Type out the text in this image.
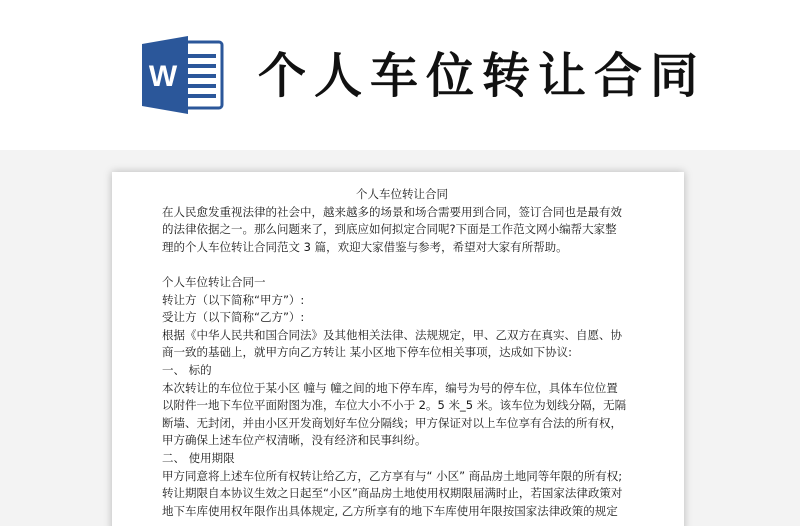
W 个人车位转让合同

个人车位转让合同

在人民愈发重视法律的社会中，越来越多的场景和场合需要用到合同，签订合同也是最有效

的法律依据之一。那么问题来了，到底应如何拟定合同呢?下面是工作范文网小编帮大家整

理的个人车位转让合同范文 3 篇，欢迎大家借鉴与参考，希望对大家有所帮助。

个人车位转让合同一

转让方（以下简称“甲方”）:

受让方（以下简称“乙方”）:

根据《中华人民共和国合同法》及其他相关法律、法规规定，甲、乙双方在真实、自愿、协

商一致的基础上，就甲方向乙方转让 某小区地下停车位相关事项，达成如下协议:

一、 标的

本次转让的车位位于某小区 幢与 幢之间的地下停车库，编号为号的停车位，具体车位位置

以附件一地下车位平面附图为准，车位大小不小于 2。5 米_5 米。该车位为划线分隔，无隔

断墙、无封闭，并由小区开发商划好车位分隔线；甲方保证对以上车位享有合法的所有权，

甲方确保上述车位产权清晰，没有经济和民事纠纷。

二、 使用期限

甲方同意将上述车位所有权转让给乙方，乙方享有与“ 小区” 商品房土地同等年限的所有权;

转让期限自本协议生效之日起至“小区”商品房土地使用权期限届满时止，若国家法律政策对

地下车库使用权年限作出具体规定, 乙方所享有的地下车库使用年限按国家法律政策的规定
